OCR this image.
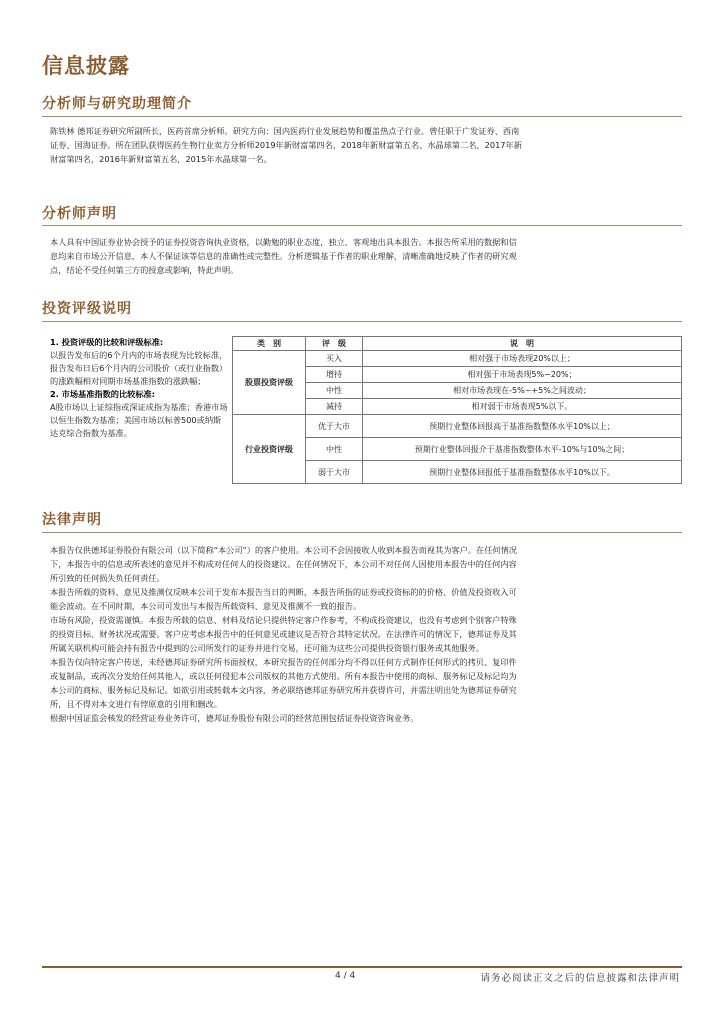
信息披露
分析师与研究助理简介

陈铁林 德邦证券研究所副所长，医药首席分析师。研究方向：国内医药行业发展趋势和覆盖热点子行业。曾任职于广发证券、西南

证券、国海证券。所在团队获得医药生物行业卖方分析师2019年新财富第四名，2018年新财富第五名、水晶球第二名，2017年新

财富第四名，2016年新财富第五名，2015年水晶球第一名。

分析师声明

本人具有中国证券业协会授予的证券投资咨询执业资格，以勤勉的职业态度，独立、客观地出具本报告。本报告所采用的数据和信

息均来自市场公开信息，本人不保证该等信息的准确性或完整性。分析逻辑基于作者的职业理解，清晰准确地反映了作者的研究观

点，结论不受任何第三方的授意或影响，特此声明。

投资评级说明

1. 投资评级的比较和评级标准:

以报告发布后的6个月内的市场表现为比较标准，报告发布日后6个月内的公司股价（或行业指数）的涨跌幅相对同期市场基准指数的涨跌幅；

2. 市场基准指数的比较标准:

A股市场以上证综指或深证成指为基准；香港市场以恒生指数为基准；美国市场以标普500或纳斯达克综合指数为基准。

类　别	评　级	说　明
股票投资评级	买入	相对强于市场表现20%以上；
	增持	相对强于市场表现5%~20%；
	中性	相对市场表现在-5%~+5%之间波动；
	减持	相对弱于市场表现5%以下。
行业投资评级	优于大市	预期行业整体回报高于基准指数整体水平10%以上；
	中性	预期行业整体回报介于基准指数整体水平-10%与10%之间；
	弱于大市	预期行业整体回报低于基准指数整体水平10%以下。
法律声明

本报告仅供德邦证券股份有限公司（以下简称“本公司”）的客户使用。本公司不会因接收人收到本报告而视其为客户。在任何情况

下，本报告中的信息或所表述的意见并不构成对任何人的投资建议。在任何情况下，本公司不对任何人因使用本报告中的任何内容

所引致的任何损失负任何责任。

本报告所载的资料、意见及推测仅反映本公司于发布本报告当日的判断，本报告所指的证券或投资标的的价格、价值及投资收入可

能会波动。在不同时期，本公司可发出与本报告所载资料、意见及推测不一致的报告。

市场有风险，投资需谨慎。本报告所载的信息、材料及结论只提供特定客户作参考，不构成投资建议，也没有考虑到个别客户特殊

的投资目标、财务状况或需要。客户应考虑本报告中的任何意见或建议是否符合其特定状况。在法律许可的情况下，德邦证券及其

所属关联机构可能会持有报告中提到的公司所发行的证券并进行交易，还可能为这些公司提供投资银行服务或其他服务。

本报告仅向特定客户传送，未经德邦证券研究所书面授权，本研究报告的任何部分均不得以任何方式制作任何形式的拷贝、复印件

或复制品，或再次分发给任何其他人，或以任何侵犯本公司版权的其他方式使用。所有本报告中使用的商标、服务标记及标记均为

本公司的商标、服务标记及标记。如欲引用或转载本文内容，务必联络德邦证券研究所并获得许可，并需注明出处为德邦证券研究

所，且不得对本文进行有悖原意的引用和删改。

根据中国证监会核发的经营证券业务许可，德邦证券股份有限公司的经营范围包括证券投资咨询业务。

4 / 4	请务必阅读正文之后的信息披露和法律声明
